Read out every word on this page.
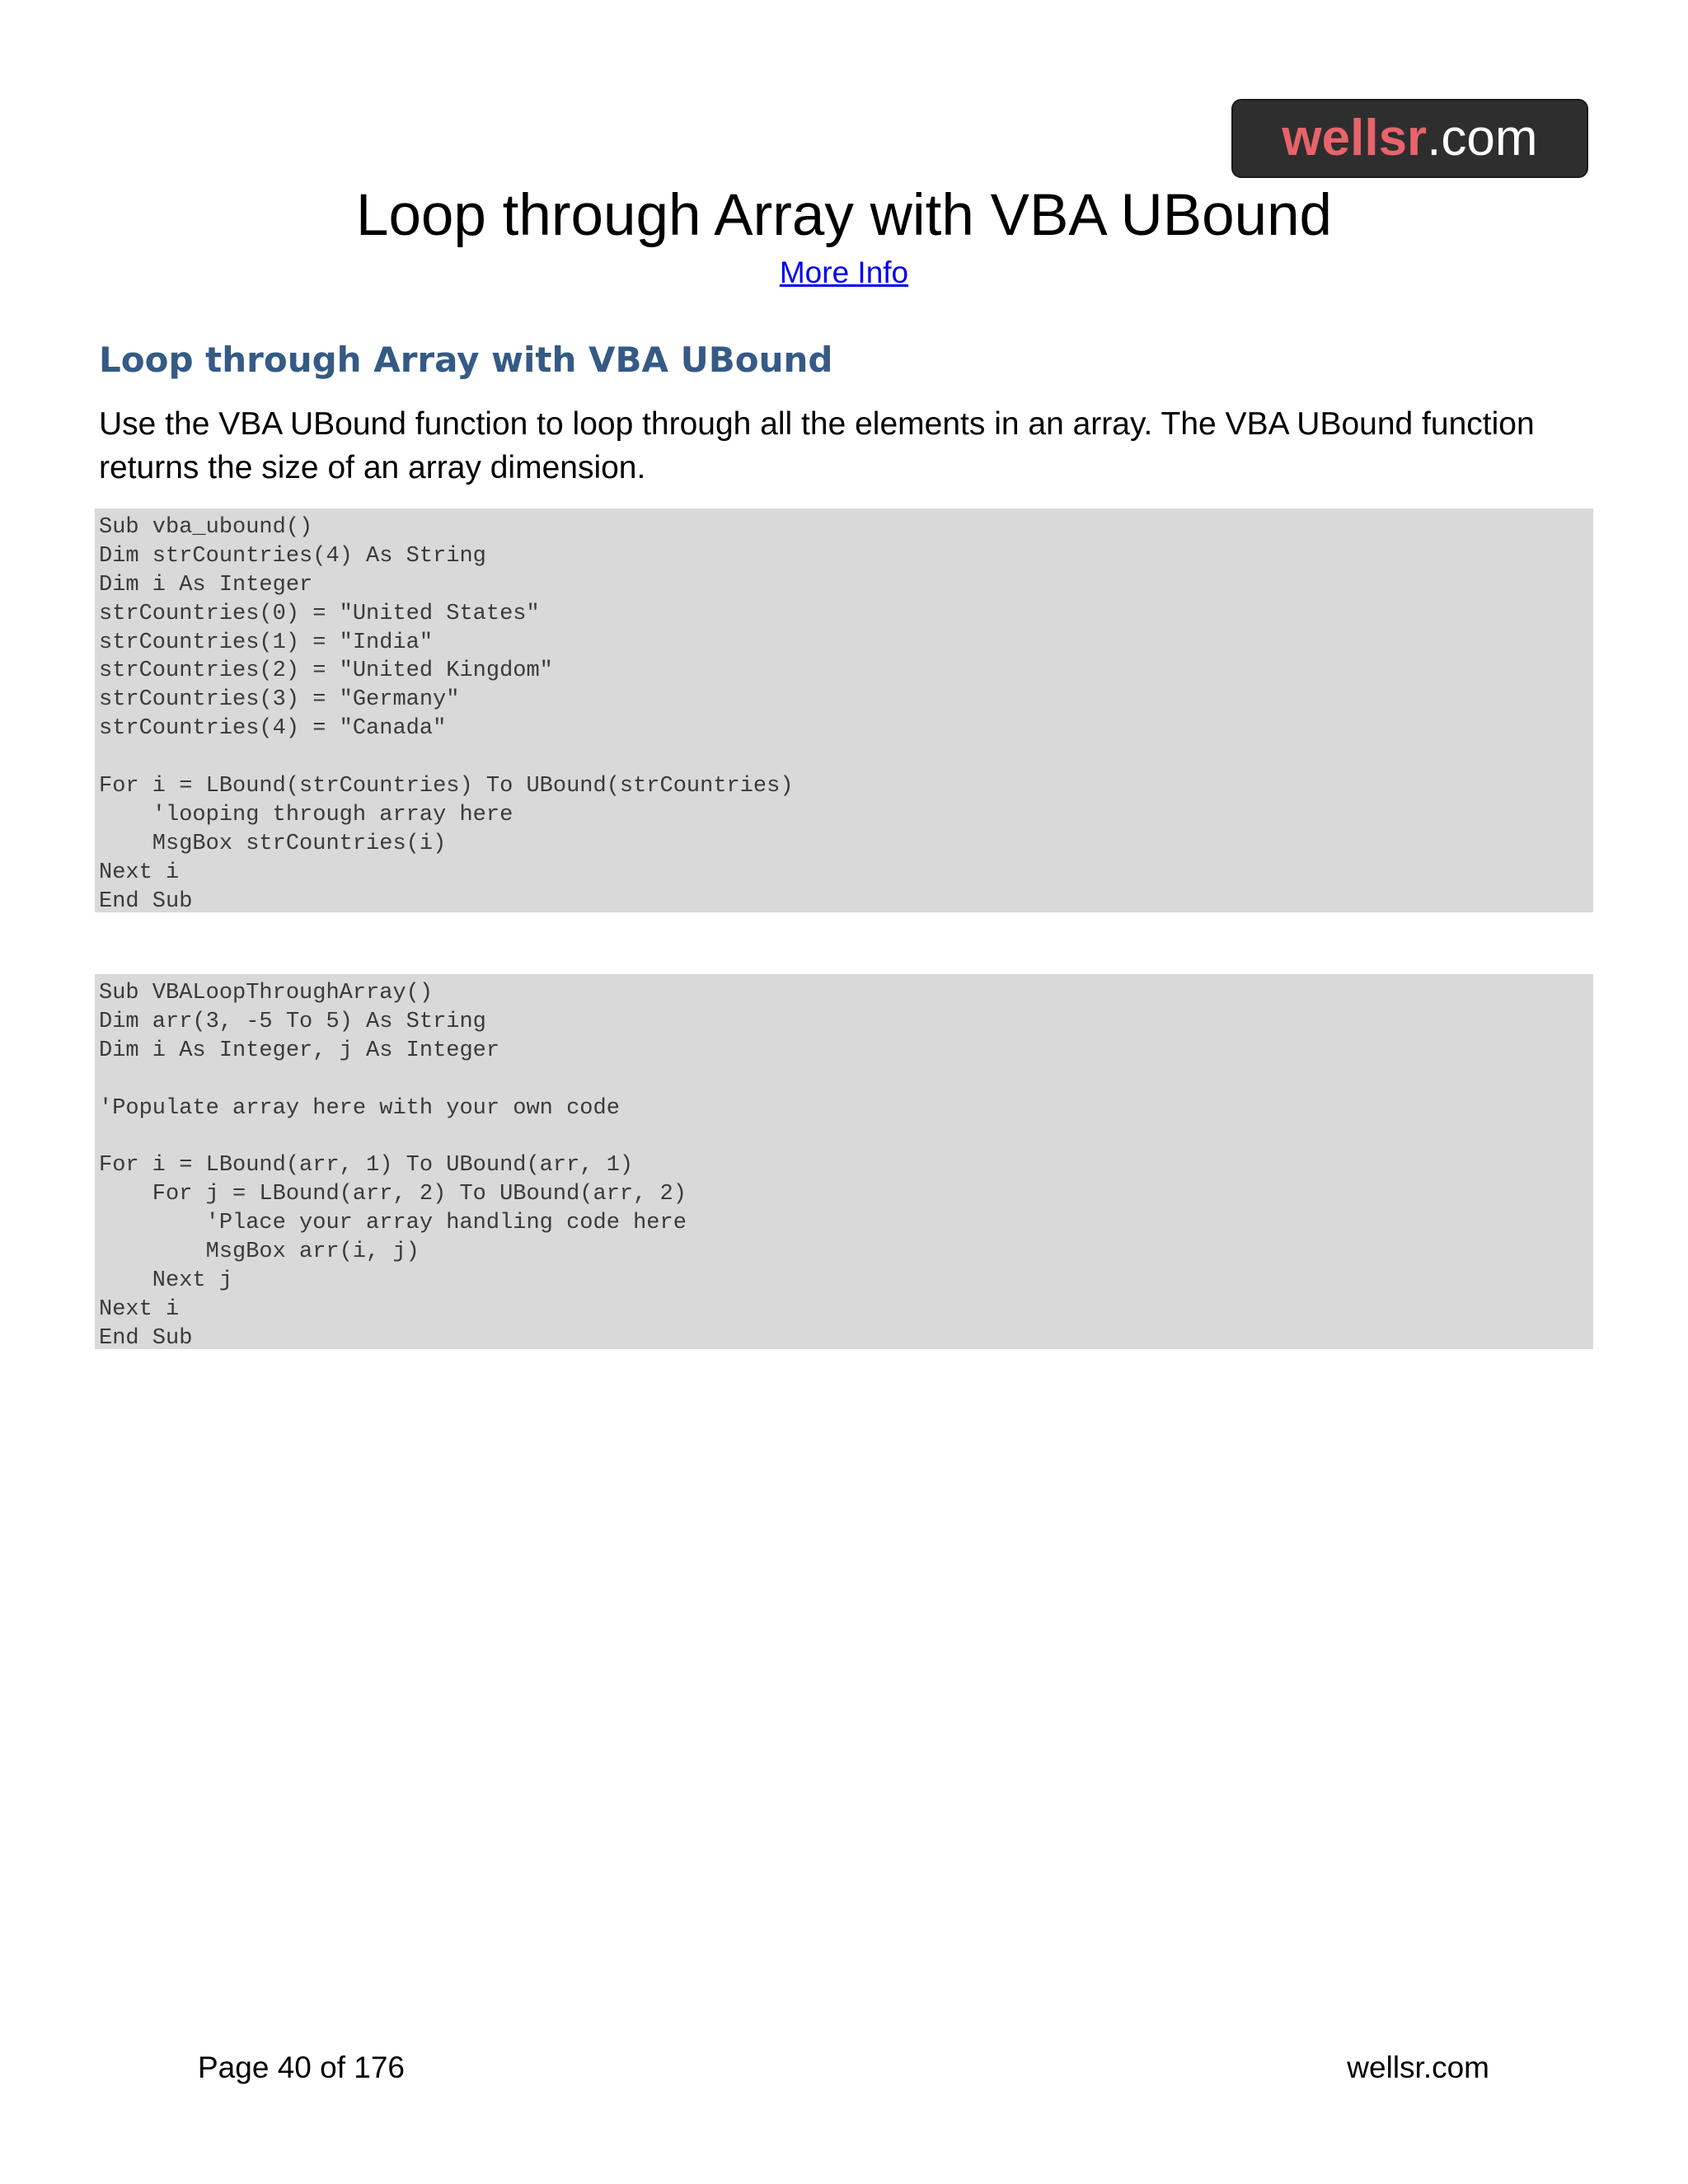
wellsr .com
Loop through Array with VBA UBound
More Info
Loop through Array with VBA UBound

Use the VBA UBound function to loop through all the elements in an array. The VBA UBound function returns the size of an array dimension.

Sub vba_ubound()
Dim strCountries(4) As String
Dim i As Integer
strCountries(0) = "United States"
strCountries(1) = "India"
strCountries(2) = "United Kingdom"
strCountries(3) = "Germany"
strCountries(4) = "Canada"
For i = LBound(strCountries) To UBound(strCountries)
'looping through array here
MsgBox strCountries(i)
Next i
End Sub
Sub VBALoopThroughArray()
Dim arr(3, -5 To 5) As String
Dim i As Integer, j As Integer
'Populate array here with your own code
For i = LBound(arr, 1) To UBound(arr, 1)
For j = LBound(arr, 2) To UBound(arr, 2)
'Place your array handling code here
MsgBox arr(i, j)
Next j
Next i
End Sub
Page 40 of 176	wellsr.com
